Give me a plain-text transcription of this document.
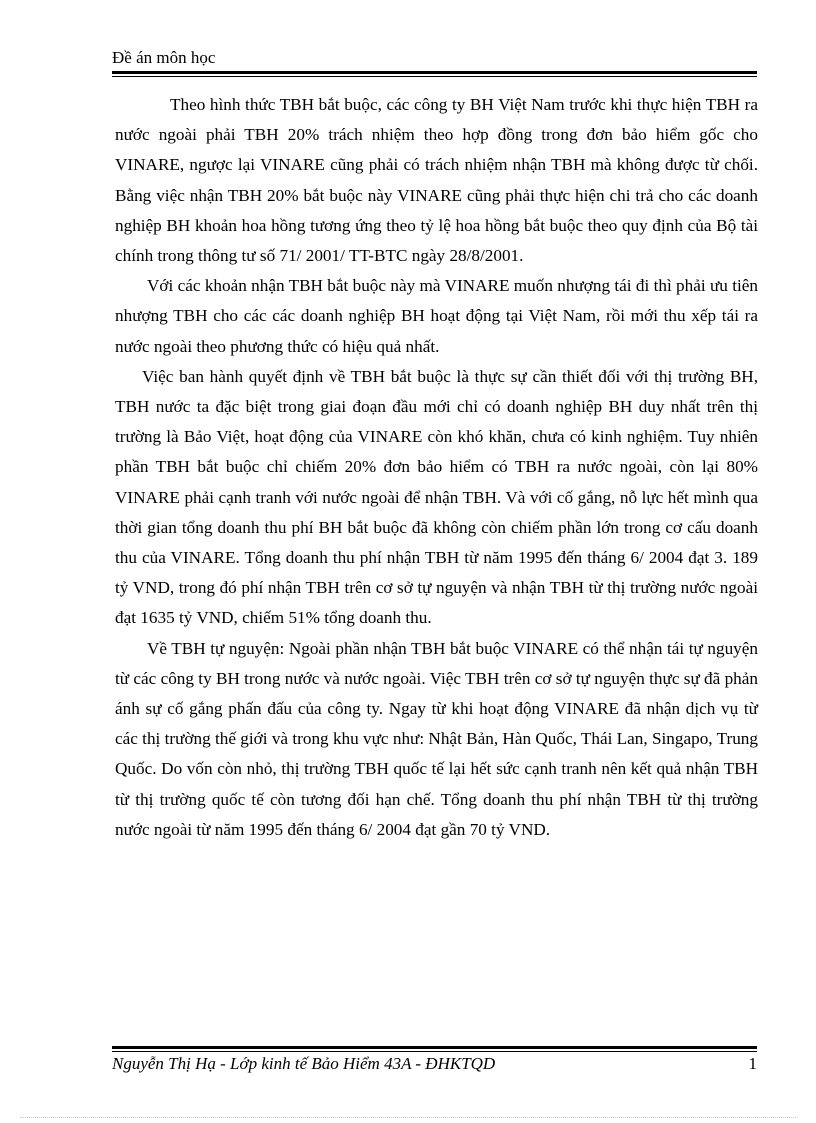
Đề án môn học

Theo hình thức TBH bắt buộc, các công ty BH Việt Nam trước khi thực hiện TBH ra nước ngoài phải TBH 20% trách nhiệm theo hợp đồng trong đơn bảo hiểm gốc cho VINARE, ngược lại VINARE cũng phải có trách nhiệm nhận TBH mà không được từ chối. Bằng việc nhận TBH 20% bắt buộc này VINARE cũng phải thực hiện chi trả cho các doanh nghiệp BH khoản hoa hồng tương ứng theo tỷ lệ hoa hồng bắt buộc theo quy định của Bộ tài chính trong thông tư số 71/ 2001/ TT-BTC ngày 28/8/2001.

Với các khoản nhận TBH bắt buộc này mà VINARE muốn nhượng tái đi thì phải ưu tiên nhượng TBH cho các các doanh nghiệp BH hoạt động tại Việt Nam, rồi mới thu xếp tái ra nước ngoài theo phương thức có hiệu quả nhất.

Việc ban hành quyết định về TBH bắt buộc là thực sự cần thiết đối với thị trường BH, TBH nước ta đặc biệt trong giai đoạn đầu mới chỉ có doanh nghiệp BH duy nhất trên thị trường là Bảo Việt, hoạt động của VINARE còn khó khăn, chưa có kinh nghiệm. Tuy nhiên phần TBH bắt buộc chỉ chiếm 20% đơn bảo hiểm có TBH ra nước ngoài, còn lại 80% VINARE phải cạnh tranh với nước ngoài để nhận TBH. Và với cố gắng, nỗ lực hết mình qua thời gian tổng doanh thu phí BH bắt buộc đã không còn chiếm phần lớn trong cơ cấu doanh thu của VINARE. Tổng doanh thu phí nhận TBH từ năm 1995 đến tháng 6/ 2004 đạt 3. 189 tỷ VND, trong đó phí nhận TBH trên cơ sở tự nguyện và nhận TBH từ thị trường nước ngoài đạt 1635 tỷ VND, chiếm 51% tổng doanh thu.

Về TBH tự nguyện: Ngoài phần nhận TBH bắt buộc VINARE có thể nhận tái tự nguyện từ các công ty BH trong nước và nước ngoài. Việc TBH trên cơ sở tự nguyện thực sự đã phản ánh sự cố gắng phấn đấu của công ty. Ngay từ khi hoạt động VINARE đã nhận dịch vụ từ các thị trường thế giới và trong khu vực như: Nhật Bản, Hàn Quốc, Thái Lan, Singapo, Trung Quốc. Do vốn còn nhỏ, thị trường TBH quốc tế lại hết sức cạnh tranh nên kết quả nhận TBH từ thị trường quốc tế còn tương đối hạn chế. Tổng doanh thu phí nhận TBH từ thị trường nước ngoài từ năm 1995 đến tháng 6/ 2004 đạt gần 70 tỷ VND.

Nguyễn Thị Hạ - Lớp kinh tế Bảo Hiểm 43A - ĐHKTQD	1
